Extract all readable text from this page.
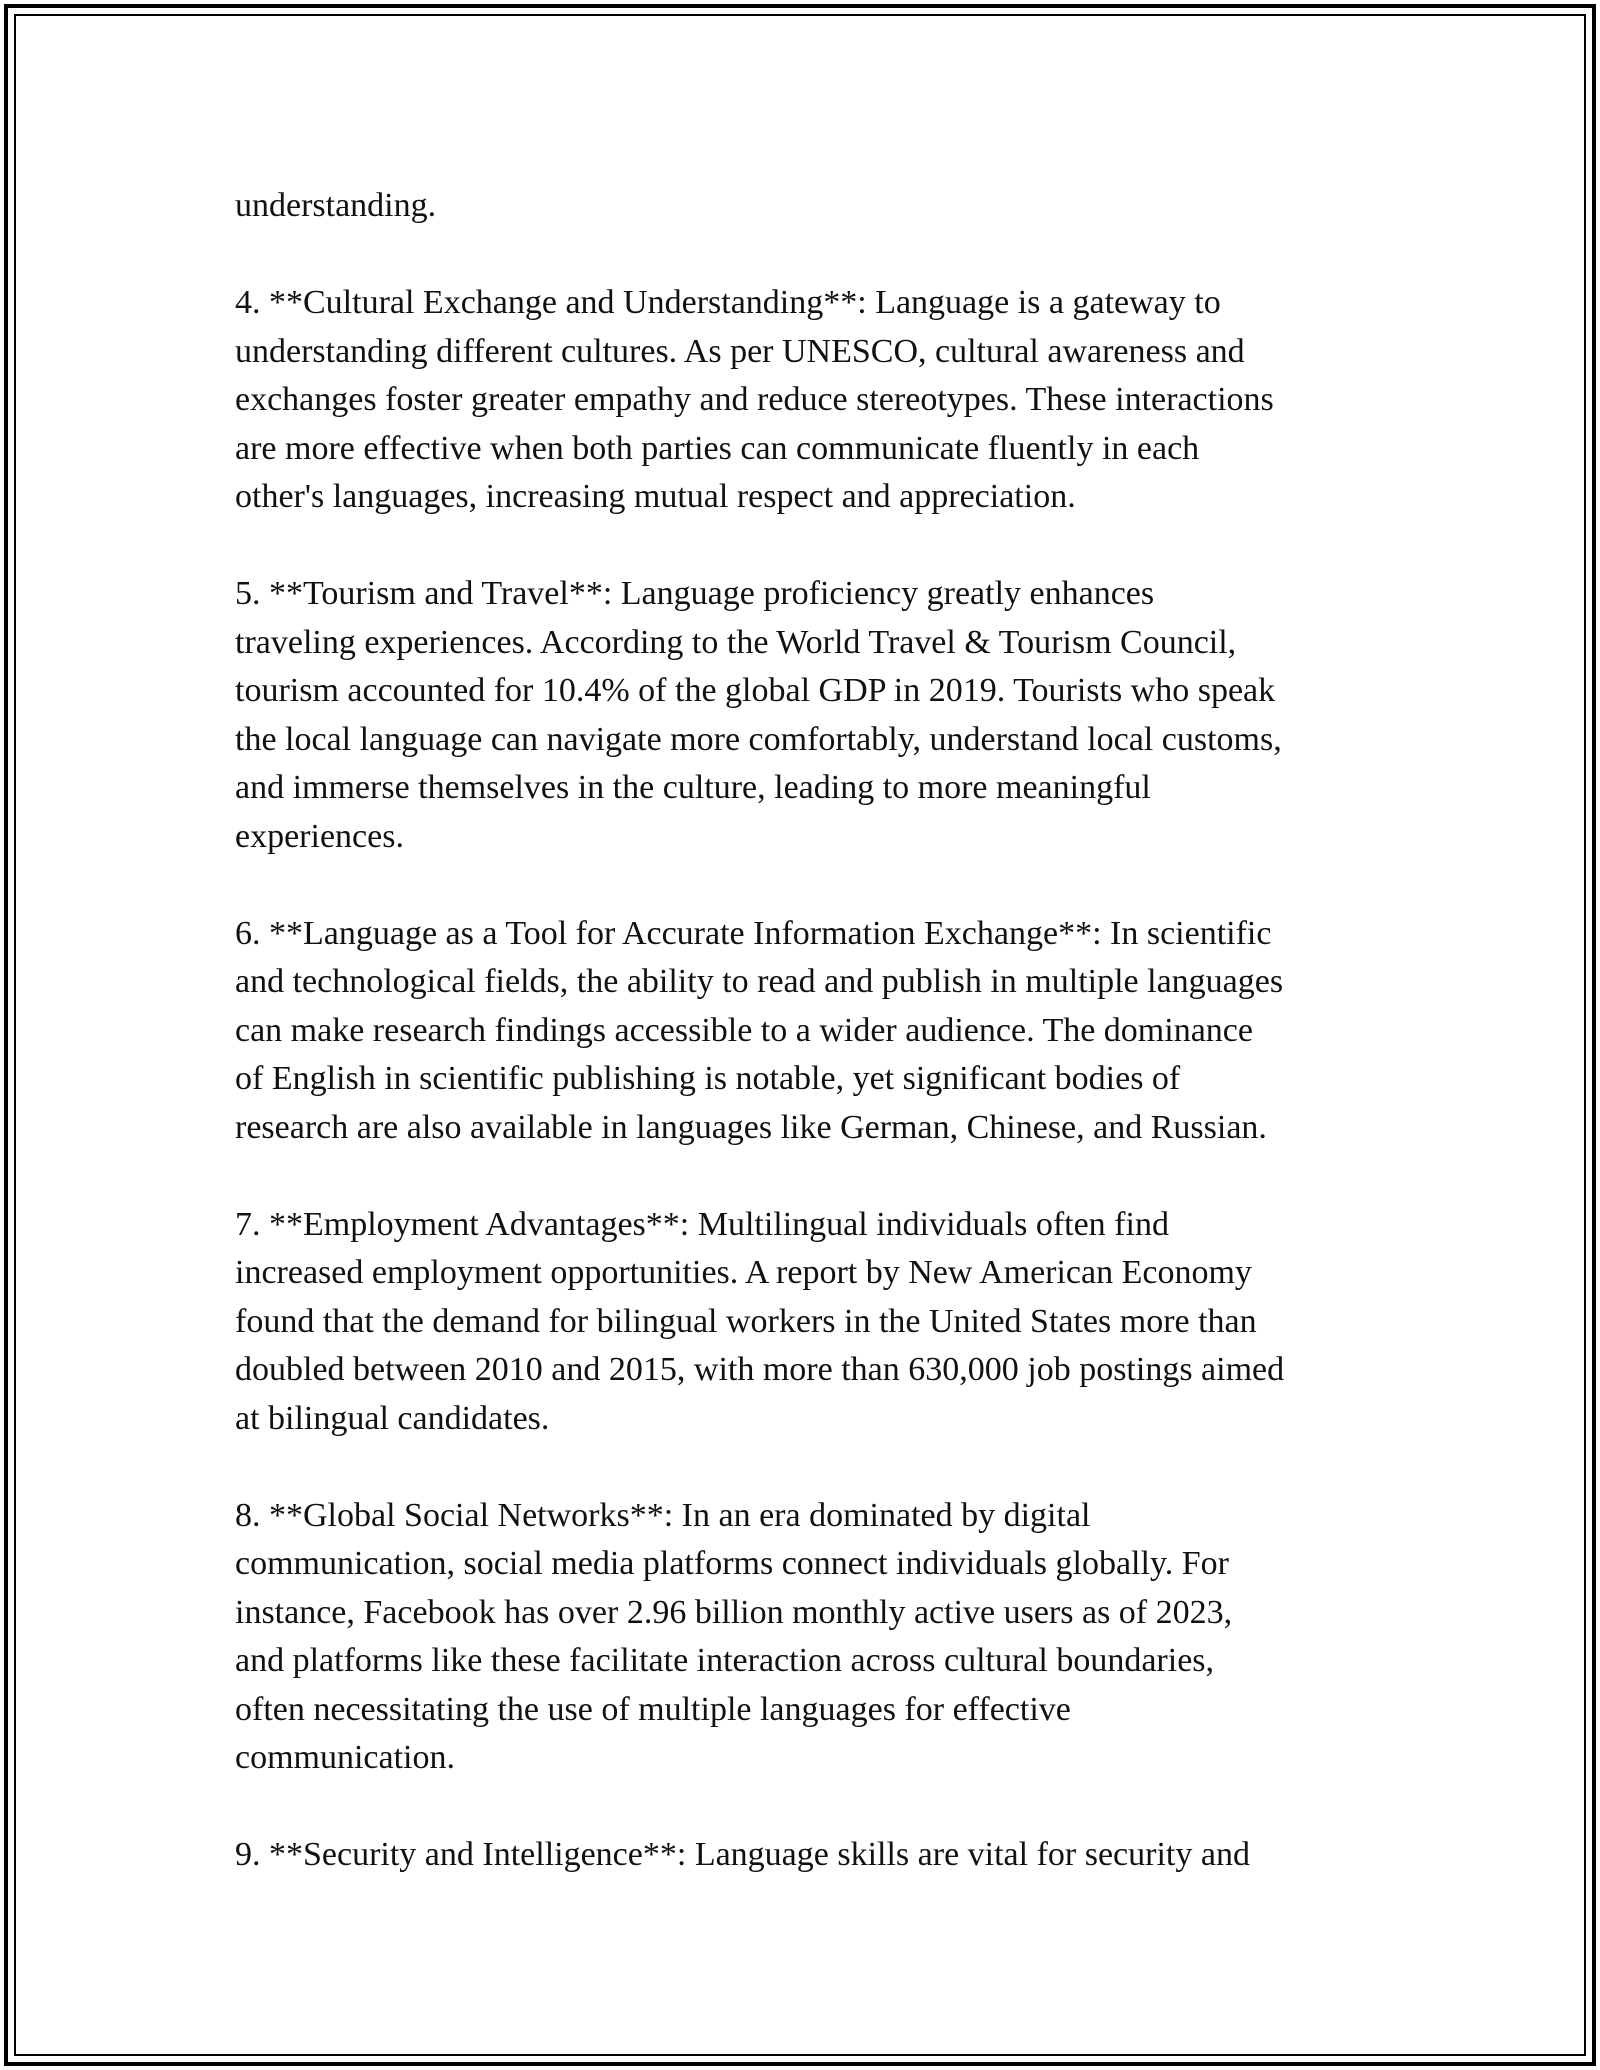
understanding.

4. **Cultural Exchange and Understanding**: Language is a gateway to
understanding different cultures. As per UNESCO, cultural awareness and
exchanges foster greater empathy and reduce stereotypes. These interactions
are more effective when both parties can communicate fluently in each
other's languages, increasing mutual respect and appreciation.

5. **Tourism and Travel**: Language proficiency greatly enhances
traveling experiences. According to the World Travel & Tourism Council,
tourism accounted for 10.4% of the global GDP in 2019. Tourists who speak
the local language can navigate more comfortably, understand local customs,
and immerse themselves in the culture, leading to more meaningful
experiences.

6. **Language as a Tool for Accurate Information Exchange**: In scientific
and technological fields, the ability to read and publish in multiple languages
can make research findings accessible to a wider audience. The dominance
of English in scientific publishing is notable, yet significant bodies of
research are also available in languages like German, Chinese, and Russian.

7. **Employment Advantages**: Multilingual individuals often find
increased employment opportunities. A report by New American Economy
found that the demand for bilingual workers in the United States more than
doubled between 2010 and 2015, with more than 630,000 job postings aimed
at bilingual candidates.

8. **Global Social Networks**: In an era dominated by digital
communication, social media platforms connect individuals globally. For
instance, Facebook has over 2.96 billion monthly active users as of 2023,
and platforms like these facilitate interaction across cultural boundaries,
often necessitating the use of multiple languages for effective
communication.

9. **Security and Intelligence**: Language skills are vital for security and
